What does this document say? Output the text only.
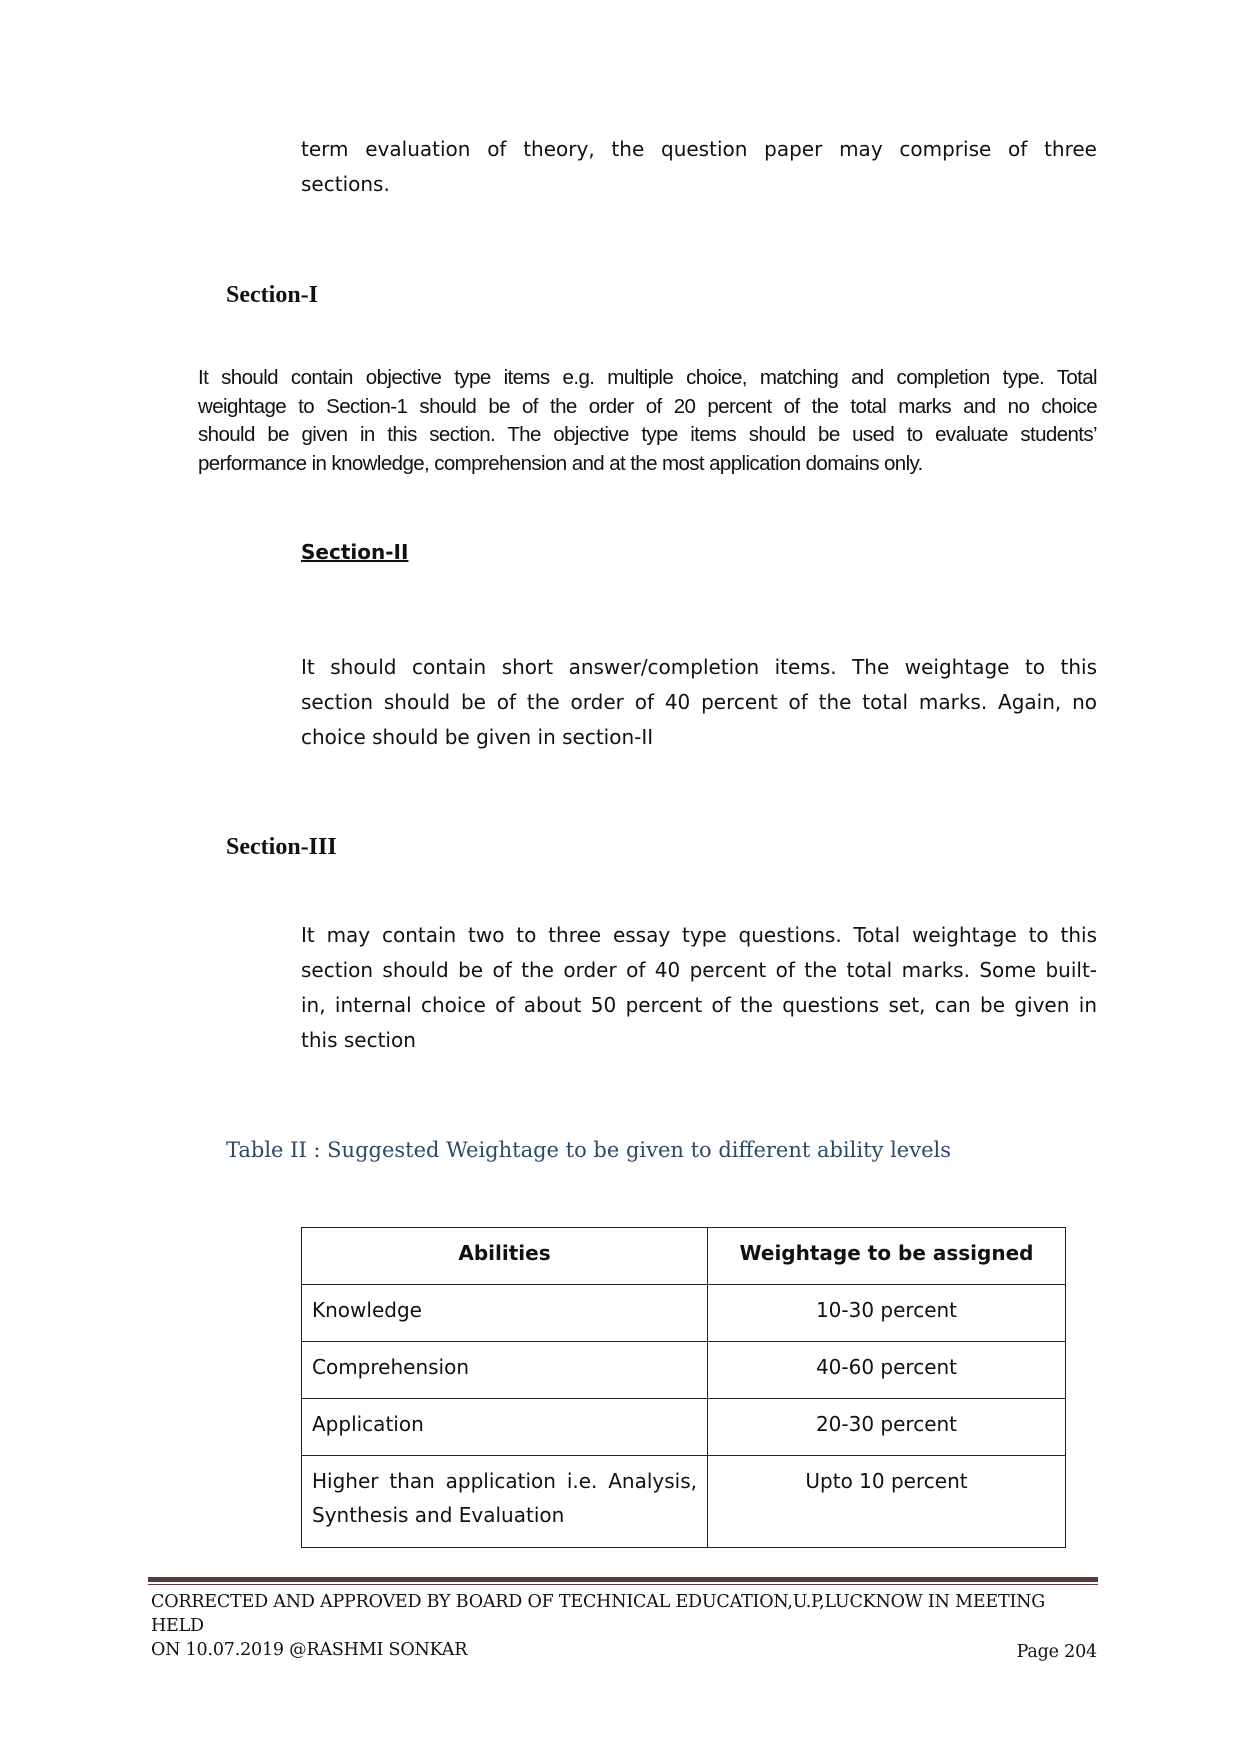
term evaluation of theory, the question paper may comprise of three
sections.
Section-I
It should contain objective type items e.g. multiple choice, matching and completion type. Total
weightage to Section-1 should be of the order of 20 percent of the total marks and no choice
should be given in this section. The objective type items should be used to evaluate students’
performance in knowledge, comprehension and at the most application domains only.
Section-II
It should contain short answer/completion items. The weightage to this
section should be of the order of 40 percent of the total marks. Again, no
choice should be given in section-II
Section-III
It may contain two to three essay type questions. Total weightage to this
section should be of the order of 40 percent of the total marks. Some built-
in, internal choice of about 50 percent of the questions set, can be given in
this section
Table II : Suggested Weightage to be given to different ability levels
Abilities	Weightage to be assigned
Knowledge	10-30 percent
Comprehension	40-60 percent
Application	20-30 percent

Higher than application i.e. Analysis,
Synthesis and Evaluation	Upto 10 percent
CORRECTED AND APPROVED BY BOARD OF TECHNICAL EDUCATION,U.P,LUCKNOW IN MEETING HELD
ON 10.07.2019 @RASHMI SONKAR	Page 204
